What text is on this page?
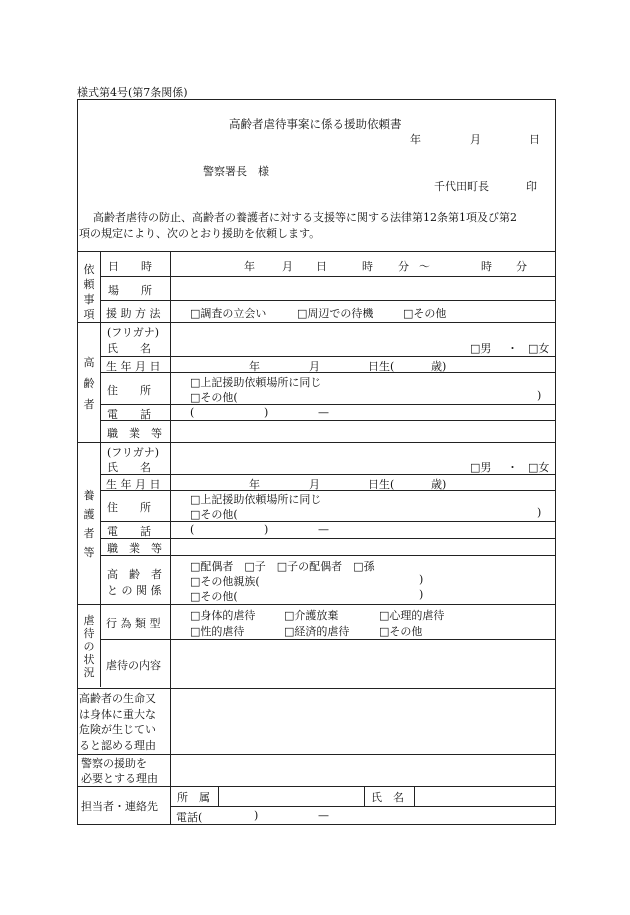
様式第4号(第7条関係)
高齢者虐待事案に係る援助依頼書
年	月	日
警察署長　様
千代田町長	印
高齢者虐待の防止、高齢者の養護者に対する支援等に関する法律第12条第1項及び第2
項の規定により、次のとおり援助を依頼します。
依
頼
事
項
日　　時	年 月 日	時 分 〜	時 分
場　　所
援 助 方 法	□調査の立会い	□周辺での待機	□その他
高
齢
者
(フリガナ)
氏　　名	□男 ・ □女
生 年 月 日	年	月	日生(	歳)
住　　所
□上記援助依頼場所に同じ
□その他(	)
電　　話	(	)	—
職　業　等
養
護
者
等
(フリガナ)
氏　　名	□男 ・ □女
生 年 月 日	年	月	日生(	歳)
住　　所
□上記援助依頼場所に同じ
□その他(	)
電　　話	(	)	—
職　業　等
高　齢　者
と の 関 係
□配偶者　□子　□子の配偶者　□孫
□その他親族(	)
□その他(	)
虐
待
の
状
況
行 為 類 型
□身体的虐待	□介護放棄	□心理的虐待
□性的虐待	□経済的虐待	□その他
虐待の内容
高齢者の生命又
は身体に重大な
危険が生じてい
ると認める理由
警察の援助を
必要とする理由
担当者・連絡先
所　属	氏　名
電話(	)	—
